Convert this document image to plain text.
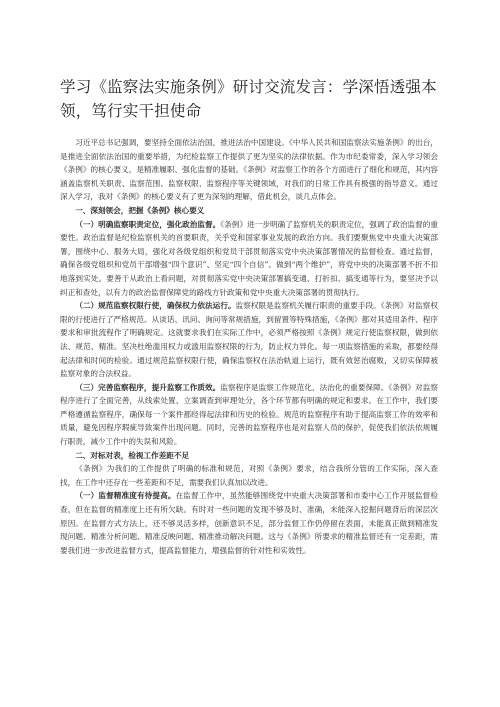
学习《监察法实施条例》研讨交流发言：学深悟透强本领，笃行实干担使命

习近平总书记强调，要坚持全面依法治国，推进法治中国建设。《中华人民共和国监察法实施条例》的出台，是推进全面依法治国的重要举措，为纪检监察工作提供了更为坚实的法律依据。作为市纪委常委，深入学习领会《条例》的核心要义，是精准履职、强化监督的基础。《条例》对监察工作的各个方面进行了细化和规范，其内容涵盖监察机关职责、监察范围、监察权限、监察程序等关键领域，对我们的日常工作具有极强的指导意义。通过深入学习，我对《条例》的核心要义有了更为深刻的理解，借此机会，谈几点体会。

一、深刻领会，把握《条例》核心要义

（一）明确监察职责定位，强化政治监督。《条例》进一步明确了监察机关的职责定位，强调了政治监督的重要性。政治监督是纪检监察机关的首要职责，关乎党和国家事业发展的政治方向。我们要聚焦党中央重大决策部署，围绕中心、服务大局，强化对各级党组织和党员干部贯彻落实党中央决策部署情况的监督检查。通过监督，确保各级党组织和党员干部增强“四个意识”、坚定“四个自信”、做到“两个维护”，将党中央的决策部署不折不扣地落到实处。要善于从政治上看问题，对贯彻落实党中央决策部署搞变通、打折扣、搞变通等行为，要坚决予以纠正和查处，以有力的政治监督保障党的路线方针政策和党中央重大决策部署的贯彻执行。

（二）规范监察权限行使，确保权力依法运行。监察权限是监察机关履行职责的重要手段。《条例》对监察权限的行使进行了严格规范。从谈话、讯问、询问等常规措施，到留置等特殊措施，《条例》都对其适用条件、程序要求和审批流程作了明确规定。这就要求我们在实际工作中，必须严格按照《条例》规定行使监察权限，做到依法、规范、精准。坚决杜绝滥用权力或滥用监察权限的行为，防止权力异化。每一项监察措施的采取，都要经得起法律和时间的检验。通过规范监察权限行使，确保监察权在法治轨道上运行，既有效惩治腐败，又切实保障被监察对象的合法权益。

（三）完善监察程序，提升监察工作质效。监察程序是监察工作规范化、法治化的重要保障。《条例》对监察程序进行了全面完善，从线索处置、立案调查到审理处分，各个环节都有明确的规定和要求。在工作中，我们要严格遵循监察程序，确保每一个案件都经得起法律和历史的检验。规范的监察程序有助于提高监察工作的效率和质量，避免因程序瑕疵导致案件出现问题。同时，完善的监察程序也是对监察人员的保护，促使我们依法依规履行职责，减少工作中的失误和风险。

二、对标对表，检视工作差距不足

《条例》为我们的工作提供了明确的标准和规范，对照《条例》要求，结合我所分管的工作实际，深入查找，在工作中还存在一些差距和不足，需要我们认真加以改进。

（一）监督精准度有待提高。在监督工作中，虽然能够围绕党中央重大决策部署和市委中心工作开展监督检查，但在监督的精准度上还有所欠缺。有时对一些问题的发现不够及时、准确，未能深入挖掘问题背后的深层次原因。在监督方式方法上，还不够灵活多样，创新意识不足，部分监督工作仍停留在表面，未能真正做到精准发现问题、精准分析问题、精准反映问题、精准推动解决问题。这与《条例》所要求的精准监督还有一定差距，需要我们进一步改进监督方式，提高监督能力，增强监督的针对性和实效性。
